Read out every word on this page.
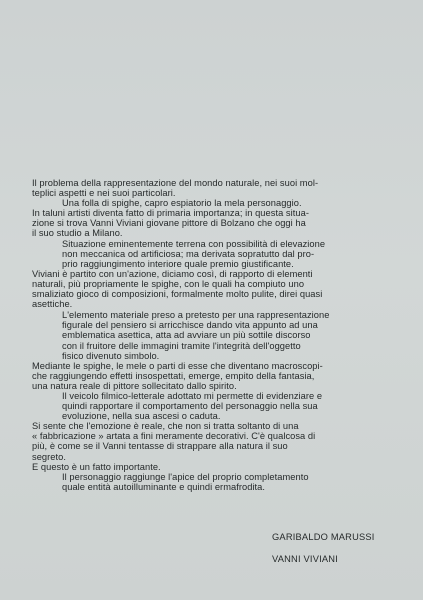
Il problema della rappresentazione del mondo naturale, nei suoi mol-
teplici aspetti e nei suoi particolari.
Una folla di spighe, capro espiatorio la mela personaggio.
In taluni artisti diventa fatto di primaria importanza; in questa situa-
zione si trova Vanni Viviani giovane pittore di Bolzano che oggi ha
il suo studio a Milano.
Situazione eminentemente terrena con possibilità di elevazione
non meccanica od artificiosa; ma derivata sopratutto dal pro-
prio raggiungimento interiore quale premio giustificante.
Viviani è partito con un'azione, diciamo così, di rapporto di elementi
naturali, più propriamente le spighe, con le quali ha compiuto uno
smaliziato gioco di composizioni, formalmente molto pulite, direi quasi
asettiche.
L'elemento materiale preso a pretesto per una rappresentazione
figurale del pensiero si arricchisce dando vita appunto ad una
emblematica asettica, atta ad avviare un più sottile discorso
con il fruitore delle immagini tramite l'integrità dell'oggetto
fisico divenuto simbolo.
Mediante le spighe, le mele o parti di esse che diventano macroscopi-
che raggiungendo effetti insospettati, emerge, empito della fantasia,
una natura reale di pittore sollecitato dallo spirito.
Il veicolo filmico-letterale adottato mi permette di evidenziare e
quindi rapportare il comportamento del personaggio nella sua
evoluzione, nella sua ascesi o caduta.
Si sente che l'emozione è reale, che non si tratta soltanto di una
« fabbricazione » artata a fini meramente decorativi. C'è qualcosa di
più, è come se il Vanni tentasse di strappare alla natura il suo
segreto.
E questo è un fatto importante.
Il personaggio raggiunge l'apice del proprio completamento
quale entità autoilluminante e quindi ermafrodita.
GARIBALDO MARUSSI
VANNI VIVIANI
